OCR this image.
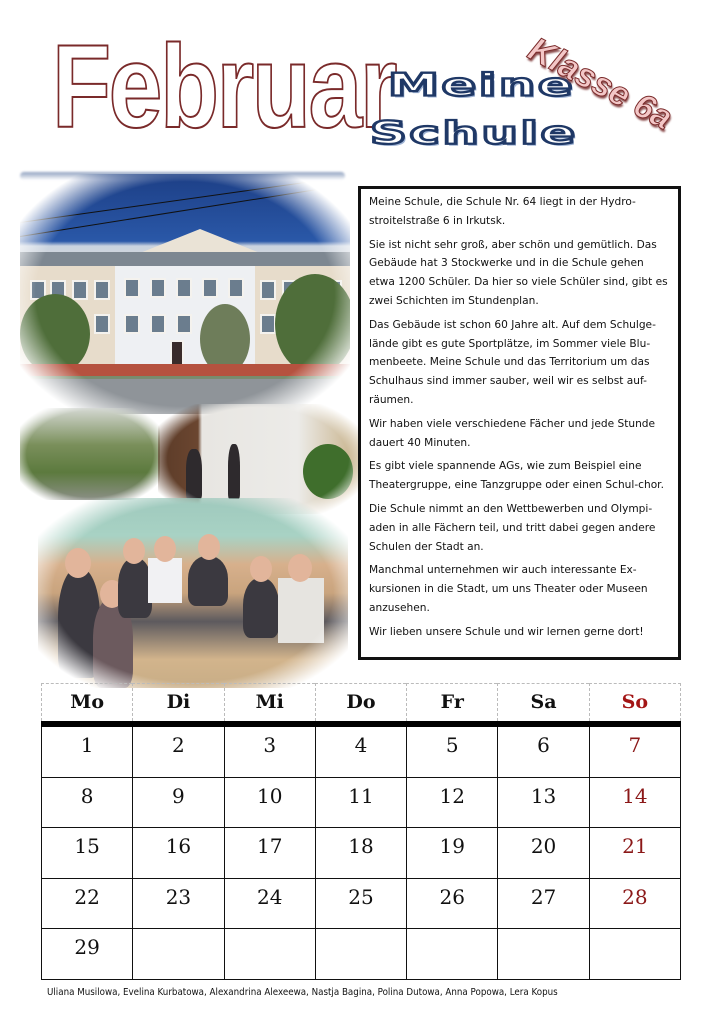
Februar
Meine
Schule
Klasse 6a

Meine Schule, die Schule Nr. 64 liegt in der Hydro-stroitelstraße 6 in Irkutsk.

Sie ist nicht sehr groß, aber schön und gemütlich. Das Gebäude hat 3 Stockwerke und in die Schule gehen etwa 1200 Schüler. Da hier so viele Schüler sind, gibt es zwei Schichten im Stundenplan.

Das Gebäude ist schon 60 Jahre alt. Auf dem Schulge-lände gibt es gute Sportplätze, im Sommer viele Blu-menbeete. Meine Schule und das Territorium um das Schulhaus sind immer sauber, weil wir es selbst auf-räumen.

Wir haben viele verschiedene Fächer und jede Stunde dauert 40 Minuten.

Es gibt viele spannende AGs, wie zum Beispiel eine Theatergruppe, eine Tanzgruppe oder einen Schul-chor.

Die Schule nimmt an den Wettbewerben und Olympi-aden in alle Fächern teil, und tritt dabei gegen andere Schulen der Stadt an.

Manchmal unternehmen wir auch interessante Ex-kursionen in die Stadt, um uns Theater oder Museen anzusehen.

Wir lieben unsere Schule und wir lernen gerne dort!

Mo	Di	Mi	Do	Fr	Sa	So
1	2	3	4	5	6	7
8	9	10	11	12	13	14
15	16	17	18	19	20	21
22	23	24	25	26	27	28
29
Uliana Musilowa, Evelina Kurbatowa, Alexandrina Alexeewa, Nastja Bagina, Polina Dutowa, Anna Popowa, Lera Kopus
